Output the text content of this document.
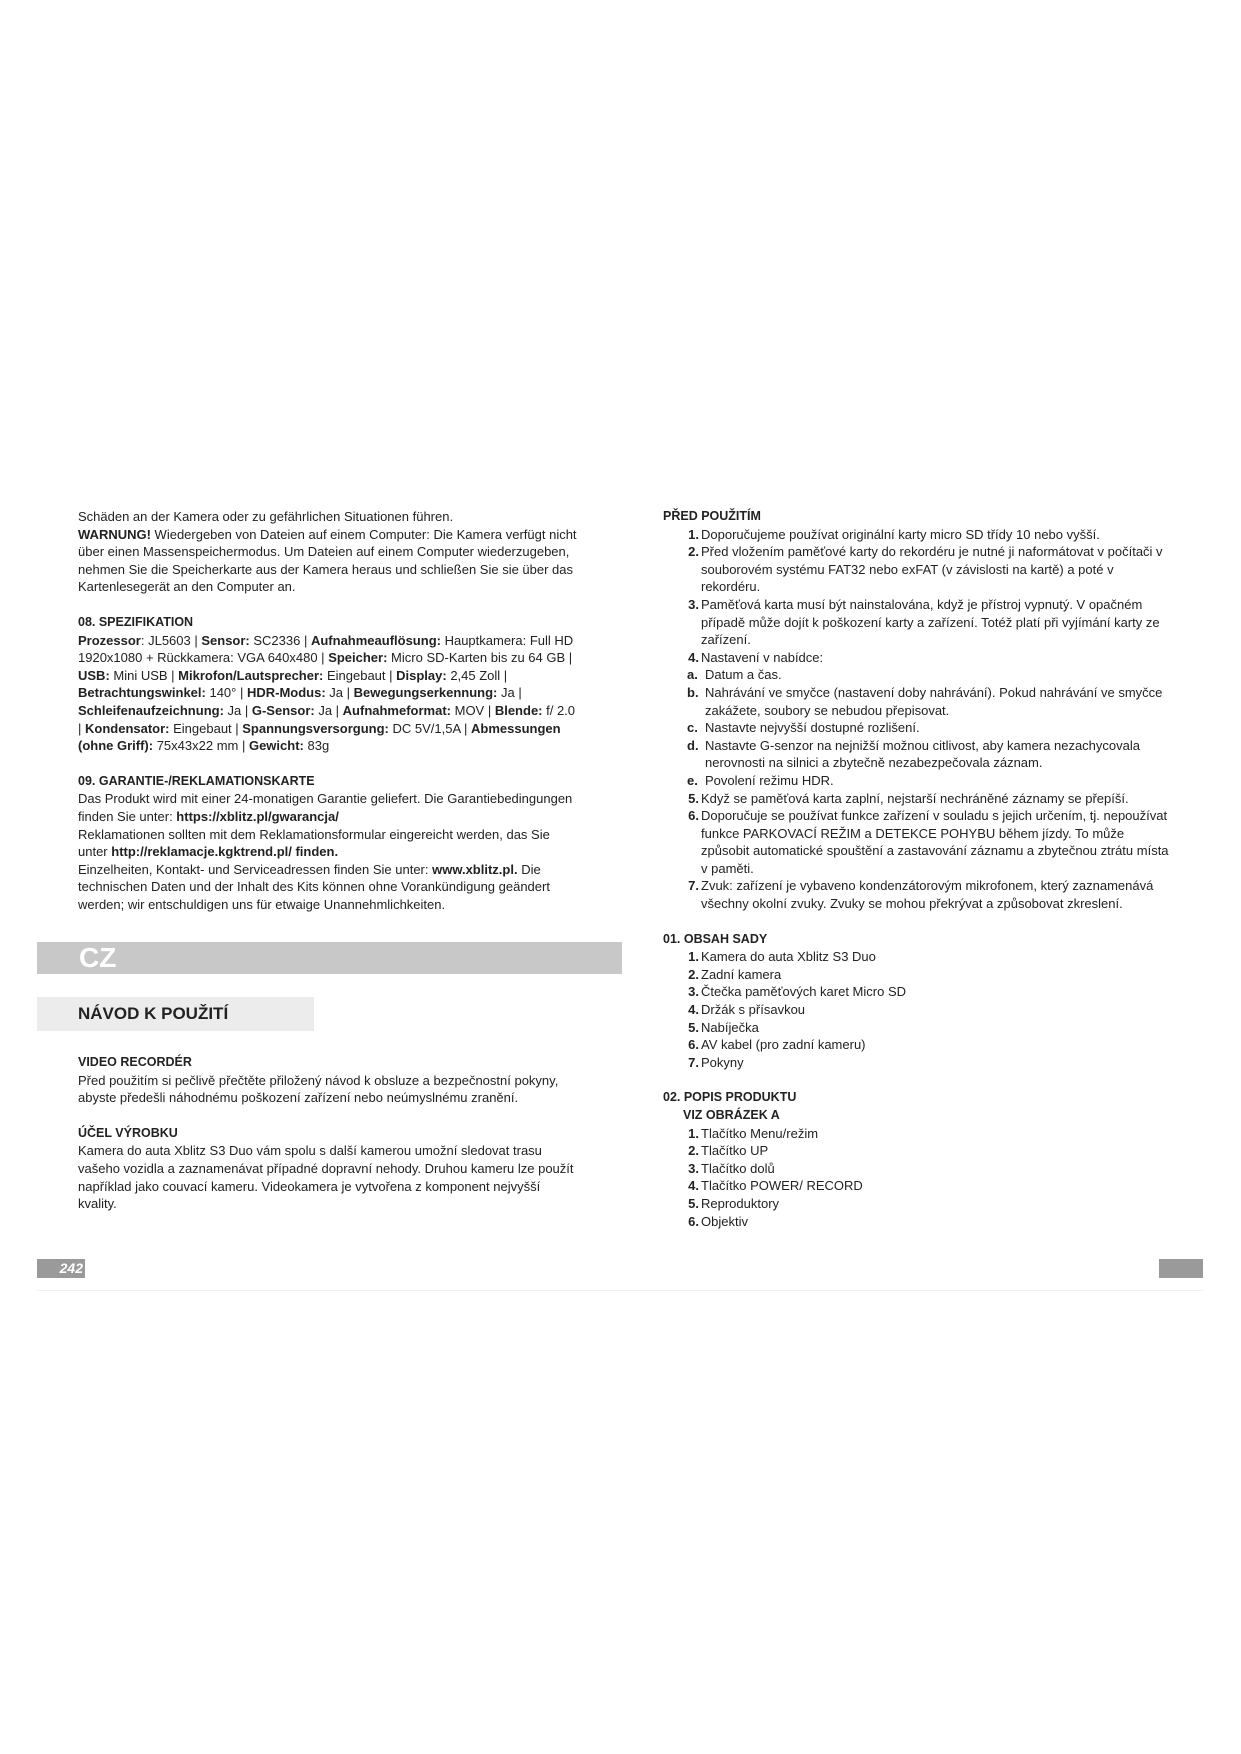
Schäden an der Kamera oder zu gefährlichen Situationen führen.

WARNUNG! Wiedergeben von Dateien auf einem Computer: Die Kamera verfügt nicht über einen Massenspeichermodus. Um Dateien auf einem Computer wiederzugeben, nehmen Sie die Speicherkarte aus der Kamera heraus und schließen Sie sie über das Kartenlesegerät an den Computer an.

08. SPEZIFIKATION

Prozessor: JL5603 | Sensor: SC2336 | Aufnahmeauflösung: Hauptkamera: Full HD 1920x1080 + Rückkamera: VGA 640x480 | Speicher: Micro SD-Karten bis zu 64 GB | USB: Mini USB | Mikrofon/Lautsprecher: Eingebaut | Display: 2,45 Zoll | Betrachtungswinkel: 140° | HDR-Modus: Ja | Bewegungserkennung: Ja | Schleifenaufzeichnung: Ja | G-Sensor: Ja | Aufnahmeformat: MOV | Blende: f/ 2.0 | Kondensator: Eingebaut | Spannungsversorgung: DC 5V/1,5A | Abmessungen (ohne Griff): 75x43x22 mm | Gewicht: 83g

09. GARANTIE-/REKLAMATIONSKARTE

Das Produkt wird mit einer 24-monatigen Garantie geliefert. Die Garantiebedingungen finden Sie unter: https://xblitz.pl/gwarancja/

Reklamationen sollten mit dem Reklamationsformular eingereicht werden, das Sie unter http://reklamacje.kgktrend.pl/ finden.

Einzelheiten, Kontakt- und Serviceadressen finden Sie unter: www.xblitz.pl. Die technischen Daten und der Inhalt des Kits können ohne Vorankündigung geändert werden; wir entschuldigen uns für etwaige Unannehmlichkeiten.

CZ
NÁVOD K POUŽITÍ

VIDEO RECORDÉR

Před použitím si pečlivě přečtěte přiložený návod k obsluze a bezpečnostní pokyny, abyste předešli náhodnému poškození zařízení nebo neúmyslnému zranění.

ÚČEL VÝROBKU

Kamera do auta Xblitz S3 Duo vám spolu s další kamerou umožní sledovat trasu vašeho vozidla a zaznamenávat případné dopravní nehody. Druhou kameru lze použít například jako couvací kameru. Videokamera je vytvořena z komponent nejvyšší kvality.

242

PŘED POUŽITÍM

1. Doporučujeme používat originální karty micro SD třídy 10 nebo vyšší.
2. Před vložením paměťové karty do rekordéru je nutné ji naformátovat v počítači v souborovém systému FAT32 nebo exFAT (v závislosti na kartě) a poté v rekordéru.
3. Paměťová karta musí být nainstalována, když je přístroj vypnutý. V opačném případě může dojít k poškození karty a zařízení. Totéž platí při vyjímání karty ze zařízení.
4. Nastavení v nabídce:
a. Datum a čas.
b. Nahrávání ve smyčce (nastavení doby nahrávání). Pokud nahrávání ve smyčce zakážete, soubory se nebudou přepisovat.
c. Nastavte nejvyšší dostupné rozlišení.
d. Nastavte G-senzor na nejnižší možnou citlivost, aby kamera nezachycovala nerovnosti na silnici a zbytečně nezabezpečovala záznam.
e. Povolení režimu HDR.
5. Když se paměťová karta zaplní, nejstarší nechráněné záznamy se přepíší.
6. Doporučuje se používat funkce zařízení v souladu s jejich určením, tj. nepoužívat funkce PARKOVACÍ REŽIM a DETEKCE POHYBU během jízdy. To může způsobit automatické spouštění a zastavování záznamu a zbytečnou ztrátu místa v paměti.
7. Zvuk: zařízení je vybaveno kondenzátorovým mikrofonem, který zaznamenává všechny okolní zvuky. Zvuky se mohou překrývat a způsobovat zkreslení.

01. OBSAH SADY

1. Kamera do auta Xblitz S3 Duo
2. Zadní kamera
3. Čtečka paměťových karet Micro SD
4. Držák s přísavkou
5. Nabíječka
6. AV kabel (pro zadní kameru)
7. Pokyny

02. POPIS PRODUKTU

VIZ OBRÁZEK A

1. Tlačítko Menu/režim
2. Tlačítko UP
3. Tlačítko dolů
4. Tlačítko POWER/ RECORD
5. Reproduktory
6. Objektiv
